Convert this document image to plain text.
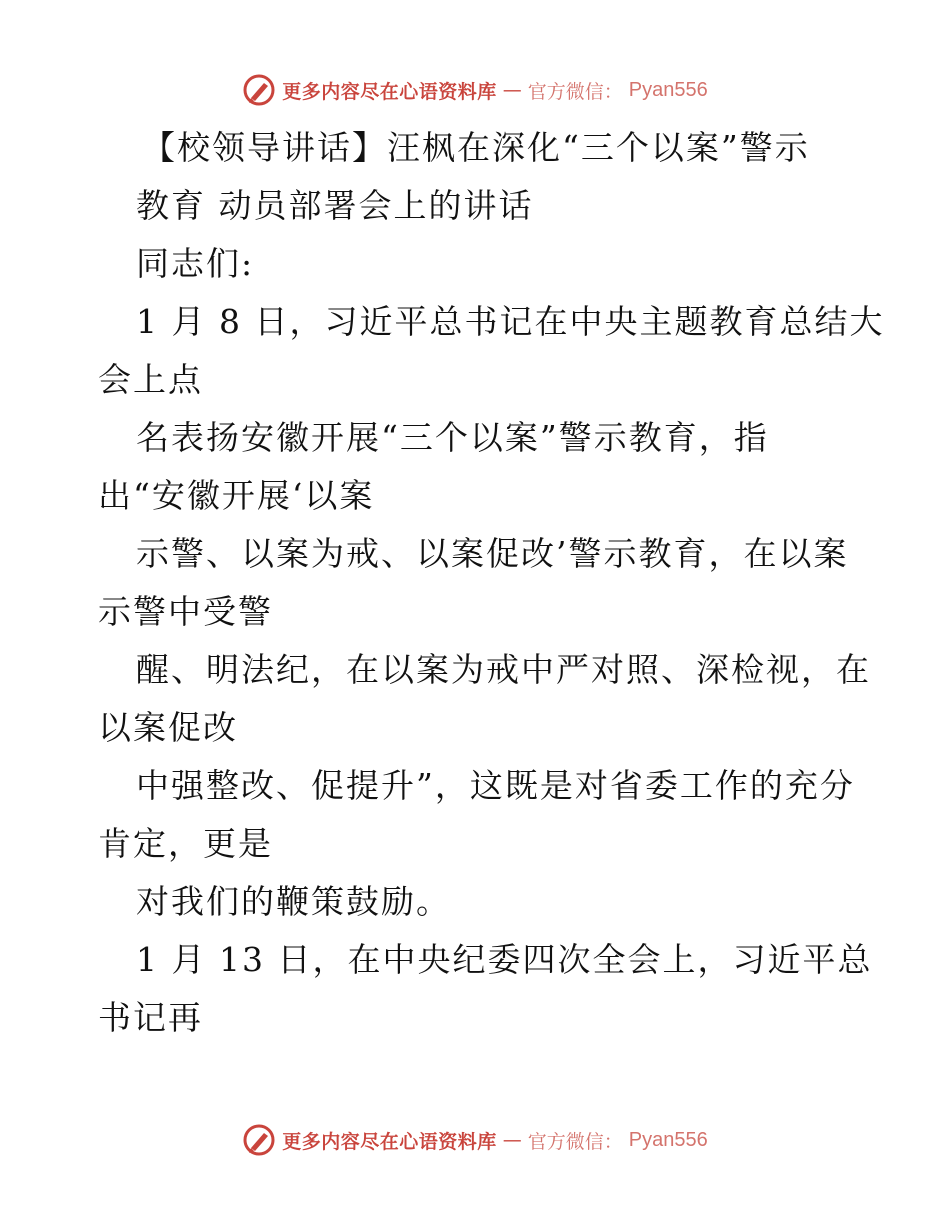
更多内容尽在心语资料库 — 官方微信： Pyan556
【校领导讲话】汪枫在深化“三个以案”警示
教育 动员部署会上的讲话
同志们:
1 月 8 日，习近平总书记在中央主题教育总结大
会上点
名表扬安徽开展“三个以案”警示教育，指
出“安徽开展‘以案
示警、以案为戒、以案促改’警示教育，在以案
示警中受警
醒、明法纪，在以案为戒中严对照、深检视，在
以案促改
中强整改、促提升”，这既是对省委工作的充分
肯定，更是
对我们的鞭策鼓励。
1 月 13 日，在中央纪委四次全会上，习近平总
书记再
更多内容尽在心语资料库 — 官方微信： Pyan556
